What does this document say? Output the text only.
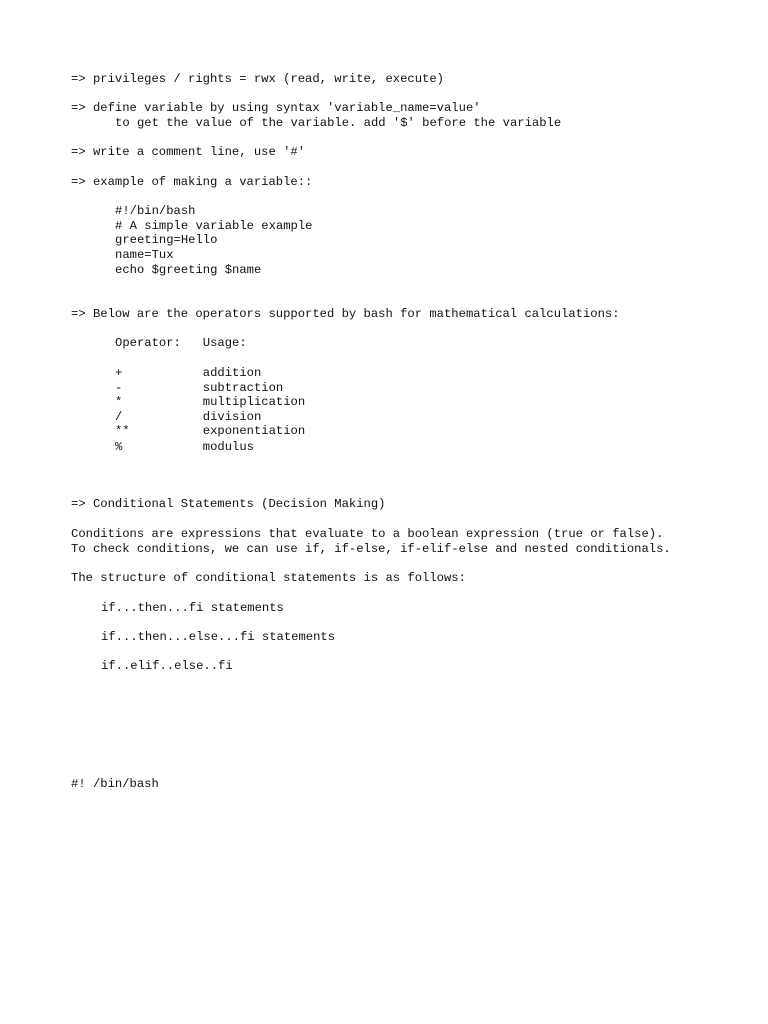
=> privileges / rights = rwx (read, write, execute)
=> define variable by using syntax 'variable_name=value'
to get the value of the variable. add '$' before the variable
=> write a comment line, use '#'
=> example of making a variable::
#!/bin/bash
# A simple variable example
greeting=Hello
name=Tux
echo $greeting $name
=> Below are the operators supported by bash for mathematical calculations:
Operator:   Usage:
+           addition
-           subtraction
*           multiplication
/           division
**          exponentiation
%           modulus
=> Conditional Statements (Decision Making)
Conditions are expressions that evaluate to a boolean expression (true or false).
To check conditions, we can use if, if-else, if-elif-else and nested conditionals.
The structure of conditional statements is as follows:
if...then...fi statements
if...then...else...fi statements
if..elif..else..fi
#! /bin/bash
